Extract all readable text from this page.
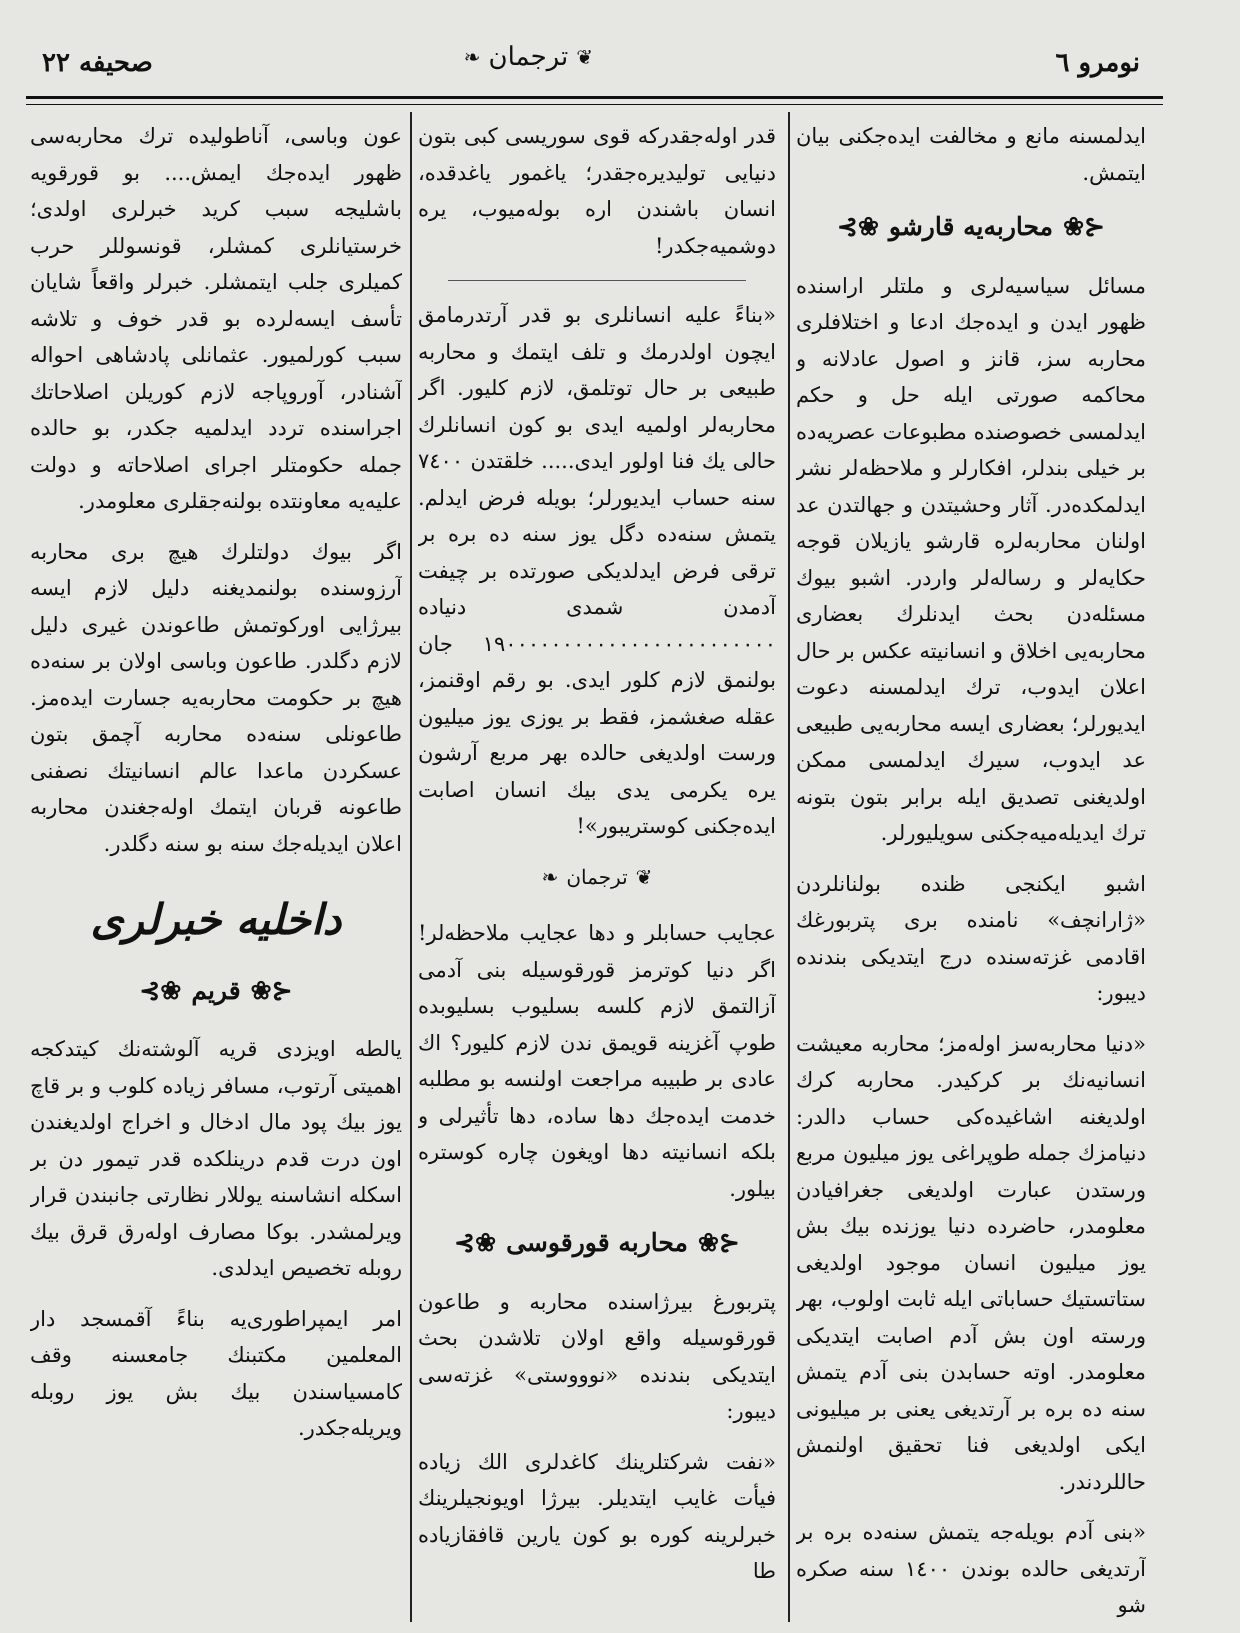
نومرو ٦
❦
ترجمان
❧
صحيفه ٢٢

ايدلمسنه مانع و مخالفت ايده‌جكنى بيان ايتمش.

⊰❀
محاربه‌يه قارشو
❀⊱

مسائل سياسيه‌لرى و ملتلر اراسنده ظهور ايدن و ايده‌جك ادعا و اختلافلرى محاربه سز، قانز و اصول عادلانه و محاكمه صورتى ايله حل و حكم ايدلمسى خصوصنده مطبوعات عصريه‌ده بر خيلى بندلر، افكارلر و ملاحظه‌لر نشر ايدلمكده‌در. آثار وحشيتدن و جهالتدن عد اولنان محاربه‌لره قارشو يازيلان قوجه حكايه‌لر و رساله‌لر واردر. اشبو بيوك مسئله‌دن بحث ايدنلرك بعضارى محاربه‌يى اخلاق و انسانيته عكس بر حال اعلان ايدوب، ترك ايدلمسنه دعوت ايديورلر؛ بعضارى ايسه محاربه‌يى طبيعى عد ايدوب، سيرك ايدلمسى ممكن اولديغنى تصديق ايله برابر بتون بتونه ترك ايديله‌ميه‌جكنى سويليورلر.

اشبو ايكنجى ظنده بولنانلردن «ژارانچف» نامنده برى پتربورغك اقادمى غزته‌سنده درج ايتديكى بندنده ديبور:

«دنيا محاربه‌سز اوله‌مز؛ محاربه معيشت انسانيه‌نك بر كركيدر. محاربه كرك اولديغنه اشاغيده‌كى حساب دالدر: دنيامزك جمله طوپراغى يوز ميليون مربع ورستدن عبارت اولديغى جغرافيادن معلومدر، حاضرده دنيا يوزنده بيك بش يوز ميليون انسان موجود اولديغى ستاتستيك حساباتى ايله ثابت اولوب، بهر ورسته اون بش آدم اصابت ايتديكى معلومدر. اوته حسابدن بنى آدم يتمش سنه ده بره بر آرتديغى يعنى بر ميليونى ايكى اولديغى فنا تحقيق اولنمش حاللردندر.

«بنى آدم بويله‌جه يتمش سنه‌ده بره بر آرتديغى حالده بوندن ١٤٠٠ سنه صكره شو

قدر اوله‌جقدركه قوى سوريسى كبى بتون دنيايى توليديره‌جقدر؛ ياغمور ياغدقده، انسان باشندن اره بوله‌ميوب، يره دوشميه‌جكدر!

«بناءً عليه انسانلرى بو قدر آرتدرمامق ايچون اولدرمك و تلف ايتمك و محاربه طبيعى بر حال توتلمق، لازم كليور. اگر محاربه‌لر اولميه ايدى بو كون انسانلرك حالى يك فنا اولور ايدى..... خلقتدن ٧٤٠٠ سنه حساب ايديورلر؛ بويله فرض ايدلم. يتمش سنه‌ده دگل يوز سنه ده بره بر ترقى فرض ايدلديكى صورتده بر چيفت آدمدن شمدى دنياده ١٩٠٠٠٠٠٠٠٠٠٠٠٠٠٠٠٠٠٠٠٠٠٠٠٠ جان بولنمق لازم كلور ايدى. بو رقم اوقنمز، عقله صغشمز، فقط بر يوزى يوز ميليون ورست اولديغى حالده بهر مربع آرشون يره يكرمى يدى بيك انسان اصابت ايده‌جكنى كوستريبور»!

❦
ترجمان
❧

عجايب حسابلر و دها عجايب ملاحظه‌لر! اگر دنيا كوترمز قورقوسيله بنى آدمى آزالتمق لازم كلسه بسليوب بسليوبده طوپ آغزينه قويمق ندن لازم كليور؟ اك عادى بر طبيبه مراجعت اولنسه بو مطلبه خدمت ايده‌جك دها ساده، دها تأثيرلى و بلكه انسانيته دها اويغون چاره كوستره بيلور.

⊰❀
محاربه قورقوسى
❀⊱

پتربورغ بيرژاسنده محاربه و طاعون قورقوسيله واقع اولان تلاشدن بحث ايتديكى بندنده «نوووستى» غزته‌سى ديبور:

«نفت شركتلرينك كاغدلرى الك زياده فيأت غايب ايتديلر. بيرژا اويونجيلرينك خبرلرينه كوره بو كون يارين قافقازياده طا

عون وباسى، آناطوليده ترك محاربه‌سى ظهور ايده‌جك ايمش.... بو قورقويه باشليجه سبب كريد خبرلرى اولدى؛ خرستيانلرى كمشلر، قونسوللر حرب كميلرى جلب ايتمشلر. خبرلر واقعاً شايان تأسف ايسه‌لرده بو قدر خوف و تلاشه سبب كورلميور. عثمانلى پادشاهى احواله آشنادر، آوروپاجه لازم كوريلن اصلاحاتك اجراسنده تردد ايدلميه جكدر، بو حالده جمله حكومتلر اجراى اصلاحاته و دولت عليه‌يه معاونتده بولنه‌جقلرى معلومدر.

اگر بيوك دولتلرك هيچ برى محاربه آرزوسنده بولنمديغنه دليل لازم ايسه بيرژايى اوركوتمش طاعوندن غيرى دليل لازم دگلدر. طاعون وباسى اولان بر سنه‌ده هيچ بر حكومت محاربه‌يه جسارت ايده‌مز. طاعونلى سنه‌ده محاربه آچمق بتون عسكردن ماعدا عالم انسانيتك نصفنى طاعونه قربان ايتمك اوله‌جغندن محاربه اعلان ايديله‌جك سنه بو سنه دگلدر.

داخليه خبرلرى
⊰❀
قريم
❀⊱

يالطه اويزدى قريه آلوشته‌نك كيتدكجه اهميتى آرتوب، مسافر زياده كلوب و بر قاچ يوز بيك پود مال ادخال و اخراج اولديغندن اون درت قدم درينلكده قدر تيمور دن بر اسكله انشاسنه يوللار نظارتى جانبندن قرار ويرلمشدر. بوكا مصارف اوله‌رق قرق بيك روبله تخصيص ايدلدى.

امر ايمپراطورى‌يه بناءً آقمسجد دار المعلمين مكتبنك جامعسنه وقف كامسياسندن بيك بش يوز روبله ويريله‌جكدر.
